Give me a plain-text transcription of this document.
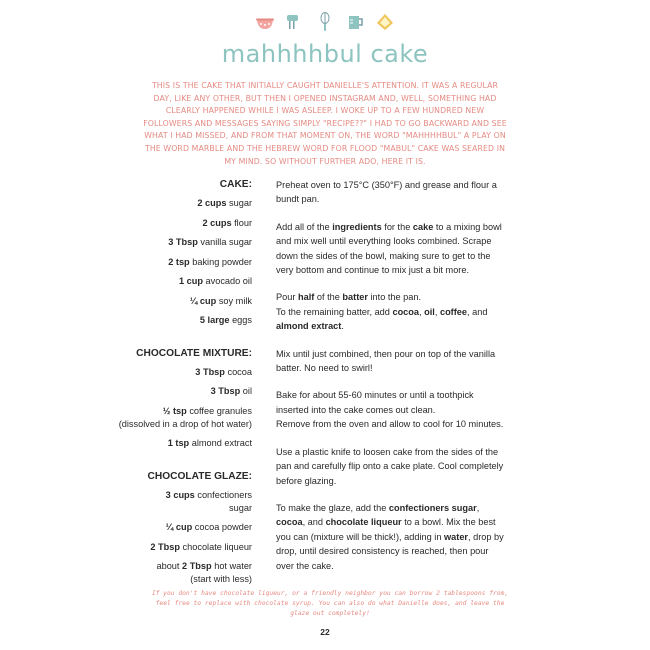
mahhhhbul cake
THIS IS THE CAKE THAT INITIALLY CAUGHT DANIELLE'S ATTENTION. IT WAS A REGULAR DAY, LIKE ANY OTHER, BUT THEN I OPENED INSTAGRAM AND, WELL, SOMETHING HAD CLEARLY HAPPENED WHILE I WAS ASLEEP. I WOKE UP TO A FEW HUNDRED NEW FOLLOWERS AND MESSAGES SAYING SIMPLY "RECIPE??" I HAD TO GO BACKWARD AND SEE WHAT I HAD MISSED, AND FROM THAT MOMENT ON, THE WORD "MAHHHHBUL" A PLAY ON THE WORD MARBLE AND THE HEBREW WORD FOR FLOOD "MABUL" CAKE WAS SEARED IN MY MIND. SO WITHOUT FURTHER ADO, HERE IT IS.
CAKE:
2 cups sugar
2 cups flour
3 Tbsp vanilla sugar
2 tsp baking powder
1 cup avocado oil
¼ cup soy milk
5 large eggs
CHOCOLATE MIXTURE:
3 Tbsp cocoa
3 Tbsp oil
½ tsp coffee granules
(dissolved in a drop of hot water)
1 tsp almond extract
CHOCOLATE GLAZE:
3 cups confectioners
sugar
¼ cup cocoa powder
2 Tbsp chocolate liqueur
about 2 Tbsp hot water
(start with less)
Preheat oven to 175°C (350°F) and grease and flour a bundt pan.
Add all of the ingredients for the cake to a mixing bowl and mix well until everything looks combined. Scrape down the sides of the bowl, making sure to get to the very bottom and continue to mix just a bit more.
Pour half of the batter into the pan.
To the remaining batter, add cocoa, oil, coffee, and almond extract.
Mix until just combined, then pour on top of the vanilla batter. No need to swirl!
Bake for about 55-60 minutes or until a toothpick inserted into the cake comes out clean.
Remove from the oven and allow to cool for 10 minutes.
Use a plastic knife to loosen cake from the sides of the pan and carefully flip onto a cake plate. Cool completely before glazing.
To make the glaze, add the confectioners sugar, cocoa, and chocolate liqueur to a bowl. Mix the best you can (mixture will be thick!), adding in water, drop by drop, until desired consistency is reached, then pour over the cake.
If you don't have chocolate liqueur, or a friendly neighbor you can borrow 2 tablespoons from, feel free to replace with chocolate syrup. You can also do what Danielle does, and leave the glaze out completely!
22
